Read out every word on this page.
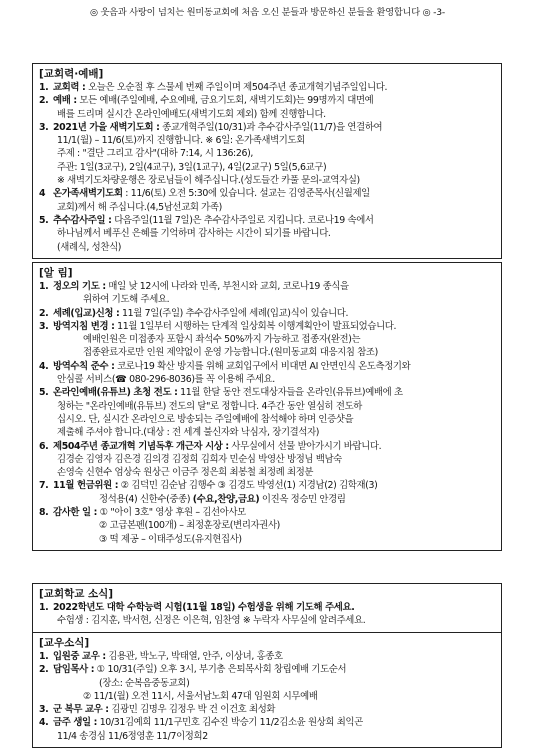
◎ 웃음과 사랑이 넘치는 원미동교회에 처음 오신 분들과 방문하신 분들을 환영합니다 ◎ -3-
[교회력·예배]
1. 교회력 : 오늘은 오순절 후 스물세 번째 주일이며 제504주년 종교개혁기념주일입니다.
2. 예배 : 모든 예배(주일예배, 수요예배, 금요기도회, 새벽기도회)는 99명까지 대면예
배를 드리며 실시간 온라인예배도(새벽기도회 제외) 함께 진행합니다.
3. 2021년 가을 새벽기도회 : 종교개혁주일(10/31)과 추수감사주일(11/7)을 연결하여
11/1(월) – 11/6(토)까지 진행합니다. ※ 6일: 온가족새벽기도회
주제 : "결단 그리고 감사"(대하 7:14, 시 136:26),
주관: 1일(3교구), 2일(4교구), 3일(1교구), 4일(2교구) 5일(5,6교구)
※ 새벽기도차량운행은 장로님들이 해주십니다.(성도들간 카풀 문의-교역자실)
4 온가족새벽기도회 : 11/6(토) 오전 5:30에 있습니다. 설교는 김영준목사(신월제일
교회)께서 해 주십니다.(4,5남선교회 가족)
5. 추수감사주일 : 다음주일(11월 7일)은 추수감사주일로 지킵니다. 코로나19 속에서
하나님께서 베푸신 은혜를 기억하며 감사하는 시간이 되기를 바랍니다.
(새례식, 성찬식)
[알 림]
1. 정오의 기도 : 매일 낮 12시에 나라와 민족, 부천시와 교회, 코로나19 종식을
위하여 기도해 주세요.
2. 세례(입교)신청 : 11월 7일(주일) 추수감사주일에 세례(입교)식이 있습니다.
3. 방역지침 변경 : 11월 1일부터 시행하는 단계적 일상회복 이행계획안이 발표되었습니다.
예배인원은 미접종자 포함시 좌석수 50%까지 가능하고 접종자(완전)는
접종완료자로만 인원 제약없이 운영 가능합니다.(원미동교회 대응지침 참조)
4. 방역수칙 준수 : 코로나19 확산 방지를 위해 교회입구에서 비대면 AI 안면인식 온도측정기와
안심콜 서비스(☎ 080-296-8036)를 꼭 이용해 주세요.
5. 온라인예배(유튜브) 초청 전도 : 11월 한달 동안 전도대상자들을 온라인(유튜브)예배에 초
청하는 "온라인예배(유튜브) 전도의 달"로 정합니다. 4주간 동안 열심히 전도하
십시오. 단, 실시간 온라인으로 방송되는 주일예배에 참석해야 하며 인증샷을
제출해 주셔야 합니다.(대상 : 전 세계 불신자와 낙심자, 장기결석자)
6. 제504주년 종교개혁 기념독후 개근자 시상 : 사무실에서 선물 받아가시기 바랍니다.
김경순 김영자 김은경 김의경 김정희 김희자 민순심 박영산 방정님 백남숙
손영숙 신현수 엄상숙 원상근 이금주 정은희 최봉철 최정례 최정분
7. 11월 헌금위원 : ② 김덕민 김순남 김행수 ③ 김경도 박영선(1) 지경남(2) 김학재(3)
정석용(4) 신한수(중종) (수요,찬양,금요) 이진옥 정승민 안경림
8. 감사한 일 : ① "아이 3호" 영상 후원 – 김선아사모
② 고급본펜(100개) – 최정훈장로(변리자권사)
③ 떡 제공 – 이태주성도(유지현집사)
[교회학교 소식]
1. 2022학년도 대학 수학능력 시험(11월 18일) 수험생을 위해 기도해 주세요.
수험생 : 김지훈, 박서현, 신정은 이은혁, 임찬영 ※ 누락자 사무실에 알려주세요.
[교우소식]
1. 입원중 교우 : 김용관, 박노구, 박태열, 안주, 이상녀, 홍종호
2. 담임목사 : ① 10/31(주일) 오후 3시, 부기총 은퇴목사회 창립예배 기도순서
(장소: 순복음중동교회)
② 11/1(월) 오전 11시, 서울서남노회 47대 임원회 시무예배
3. 군 복무 교우 : 김광민 김명우 김정우 박 건 이건호 최성화
4. 금주 생일 : 10/31김예희 11/1구민호 김수진 박승기 11/2김소윤 원상희 최익곤
11/4 송경심 11/6정영훈 11/7이정희2
